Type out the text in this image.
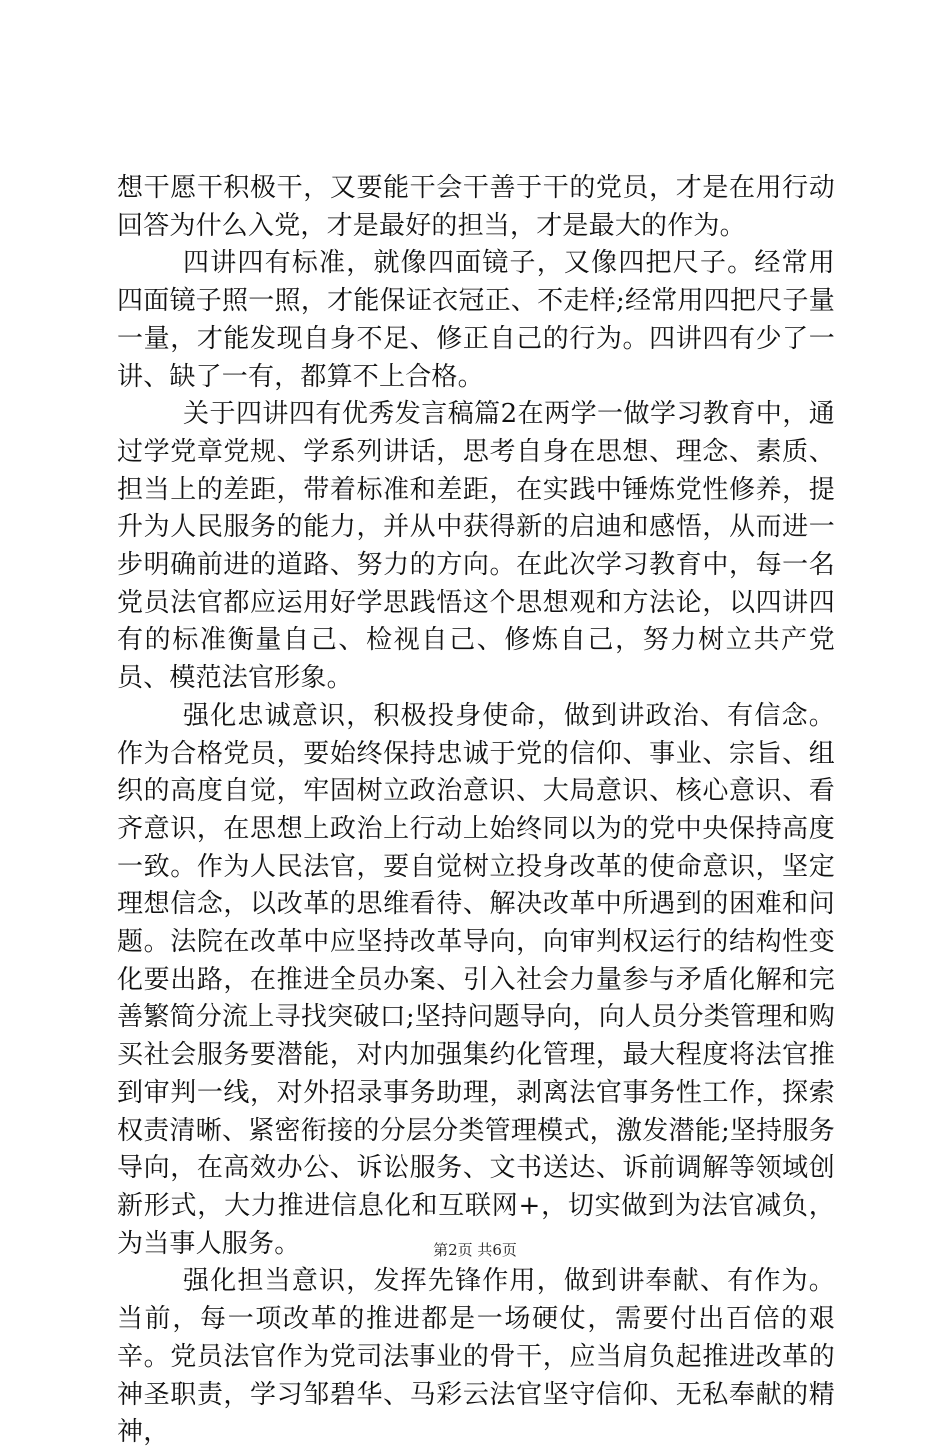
想干愿干积极干，又要能干会干善于干的党员，才是在用行动回答为什么入党，才是最好的担当，才是最大的作为。

四讲四有标准，就像四面镜子，又像四把尺子。经常用四面镜子照一照，才能保证衣冠正、不走样;经常用四把尺子量一量，才能发现自身不足、修正自己的行为。四讲四有少了一讲、缺了一有，都算不上合格。

关于四讲四有优秀发言稿篇2在两学一做学习教育中，通过学党章党规、学系列讲话，思考自身在思想、理念、素质、担当上的差距，带着标准和差距，在实践中锤炼党性修养，提升为人民服务的能力，并从中获得新的启迪和感悟，从而进一步明确前进的道路、努力的方向。在此次学习教育中，每一名党员法官都应运用好学思践悟这个思想观和方法论，以四讲四有的标准衡量自己、检视自己、修炼自己，努力树立共产党员、模范法官形象。

强化忠诚意识，积极投身使命，做到讲政治、有信念。作为合格党员，要始终保持忠诚于党的信仰、事业、宗旨、组织的高度自觉，牢固树立政治意识、大局意识、核心意识、看齐意识，在思想上政治上行动上始终同以为的党中央保持高度一致。作为人民法官，要自觉树立投身改革的使命意识，坚定理想信念，以改革的思维看待、解决改革中所遇到的困难和问题。法院在改革中应坚持改革导向，向审判权运行的结构性变化要出路，在推进全员办案、引入社会力量参与矛盾化解和完善繁简分流上寻找突破口;坚持问题导向，向人员分类管理和购买社会服务要潜能，对内加强集约化管理，最大程度将法官推到审判一线，对外招录事务助理，剥离法官事务性工作，探索权责清晰、紧密衔接的分层分类管理模式，激发潜能;坚持服务导向，在高效办公、诉讼服务、文书送达、诉前调解等领域创新形式，大力推进信息化和互联网+，切实做到为法官减负，为当事人服务。

强化担当意识，发挥先锋作用，做到讲奉献、有作为。当前，每一项改革的推进都是一场硬仗，需要付出百倍的艰辛。党员法官作为党司法事业的骨干，应当肩负起推进改革的神圣职责，学习邹碧华、马彩云法官坚守信仰、无私奉献的精神，

第2页 共6页
